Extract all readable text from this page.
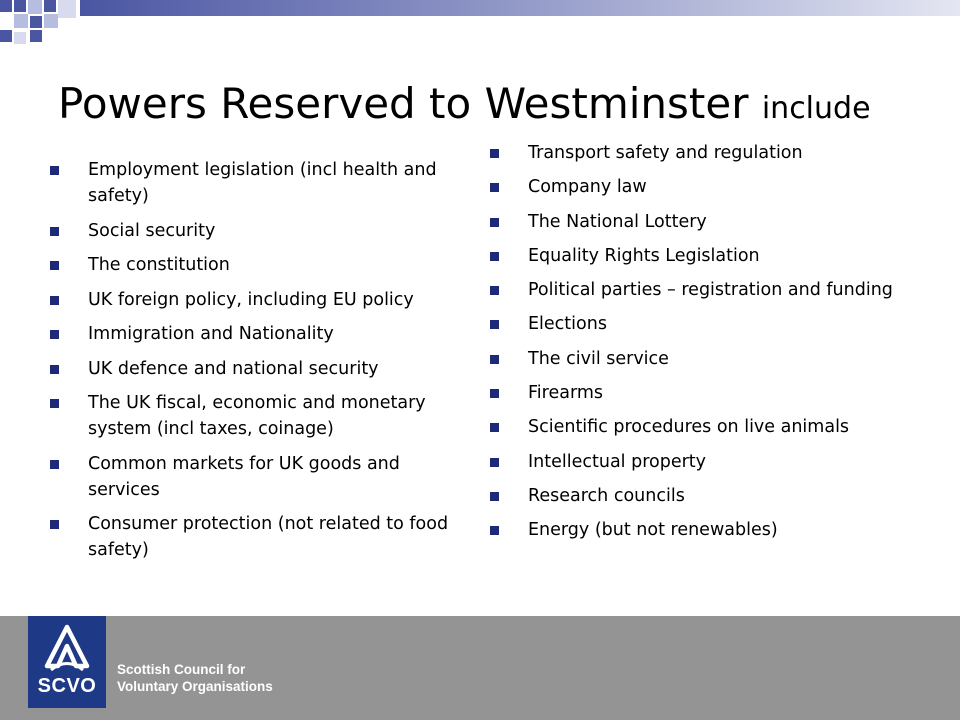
Powers Reserved to Westminster include
Employment legislation (incl health and safety)
Social security
The constitution
UK foreign policy, including EU policy
Immigration and Nationality
UK defence and national security
The UK fiscal, economic and monetary system (incl taxes, coinage)
Common markets for UK goods and services
Consumer protection (not related to food safety)
Transport safety and regulation
Company law
The National Lottery
Equality Rights Legislation
Political parties – registration and funding
Elections
The civil service
Firearms
Scientific procedures on live animals
Intellectual property
Research councils
Energy (but not renewables)
SCVO
Scottish Council for
Voluntary Organisations
